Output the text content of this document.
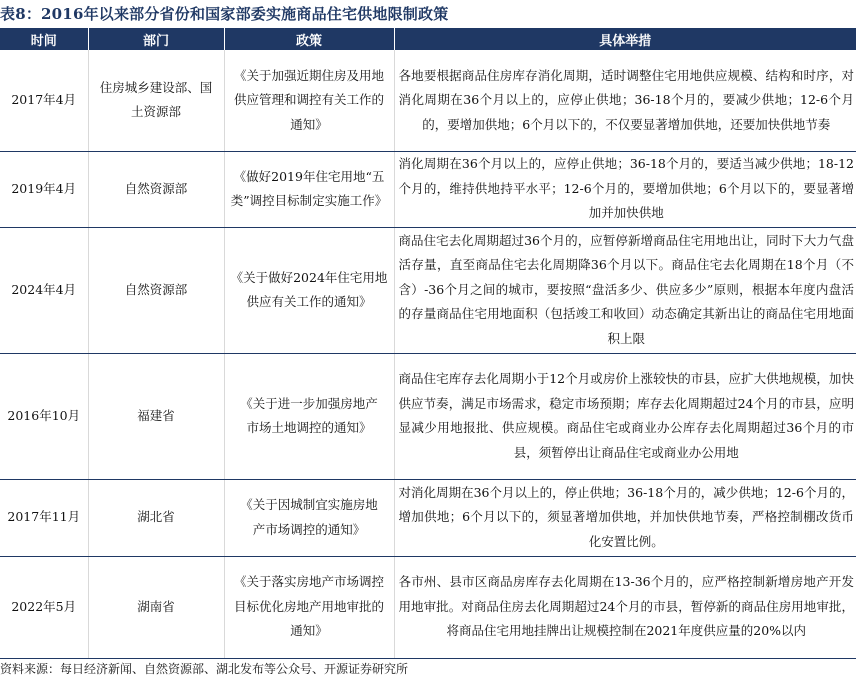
表8：2016年以来部分省份和国家部委实施商品住宅供地限制政策
时间	部门	政策	具体举措
2017年4月	住房城乡建设部、国土资源部	《关于加强近期住房及用地供应管理和调控有关工作的通知》	各地要根据商品住房库存消化周期，适时调整住宅用地供应规模、结构和时序，对消化周期在36个月以上的，应停止供地；36-18个月的，要减少供地；12-6个月的，要增加供地；6个月以下的，不仅要显著增加供地，还要加快供地节奏
2019年4月	自然资源部	《做好2019年住宅用地“五类”调控目标制定实施工作》	消化周期在36个月以上的，应停止供地；36-18个月的，要适当减少供地；18-12个月的，维持供地持平水平；12-6个月的，要增加供地；6个月以下的，要显著增加并加快供地
2024年4月	自然资源部	《关于做好2024年住宅用地供应有关工作的通知》	商品住宅去化周期超过36个月的，应暂停新增商品住宅用地出让，同时下大力气盘活存量，直至商品住宅去化周期降36个月以下。商品住宅去化周期在18个月（不含）-36个月之间的城市，要按照“盘活多少、供应多少”原则，根据本年度内盘活的存量商品住宅用地面积（包括竣工和收回）动态确定其新出让的商品住宅用地面积上限
2016年10月	福建省	《关于进一步加强房地产市场土地调控的通知》	商品住宅库存去化周期小于12个月或房价上涨较快的市县，应扩大供地规模，加快供应节奏，满足市场需求，稳定市场预期；库存去化周期超过24个月的市县，应明显减少用地报批、供应规模。商品住宅或商业办公库存去化周期超过36个月的市县，须暂停出让商品住宅或商业办公用地
2017年11月	湖北省	《关于因城制宜实施房地产市场调控的通知》	对消化周期在36个月以上的，停止供地；36-18个月的，减少供地；12-6个月的，增加供地；6个月以下的，须显著增加供地，并加快供地节奏，严格控制棚改货币化安置比例。
2022年5月	湖南省	《关于落实房地产市场调控目标优化房地产用地审批的通知》	各市州、县市区商品房库存去化周期在13-36个月的，应严格控制新增房地产开发用地审批。对商品住房去化周期超过24个月的市县，暂停新的商品住房用地审批，将商品住宅用地挂牌出让规模控制在2021年度供应量的20%以内
资料来源：每日经济新闻、自然资源部、湖北发布等公众号、开源证券研究所
